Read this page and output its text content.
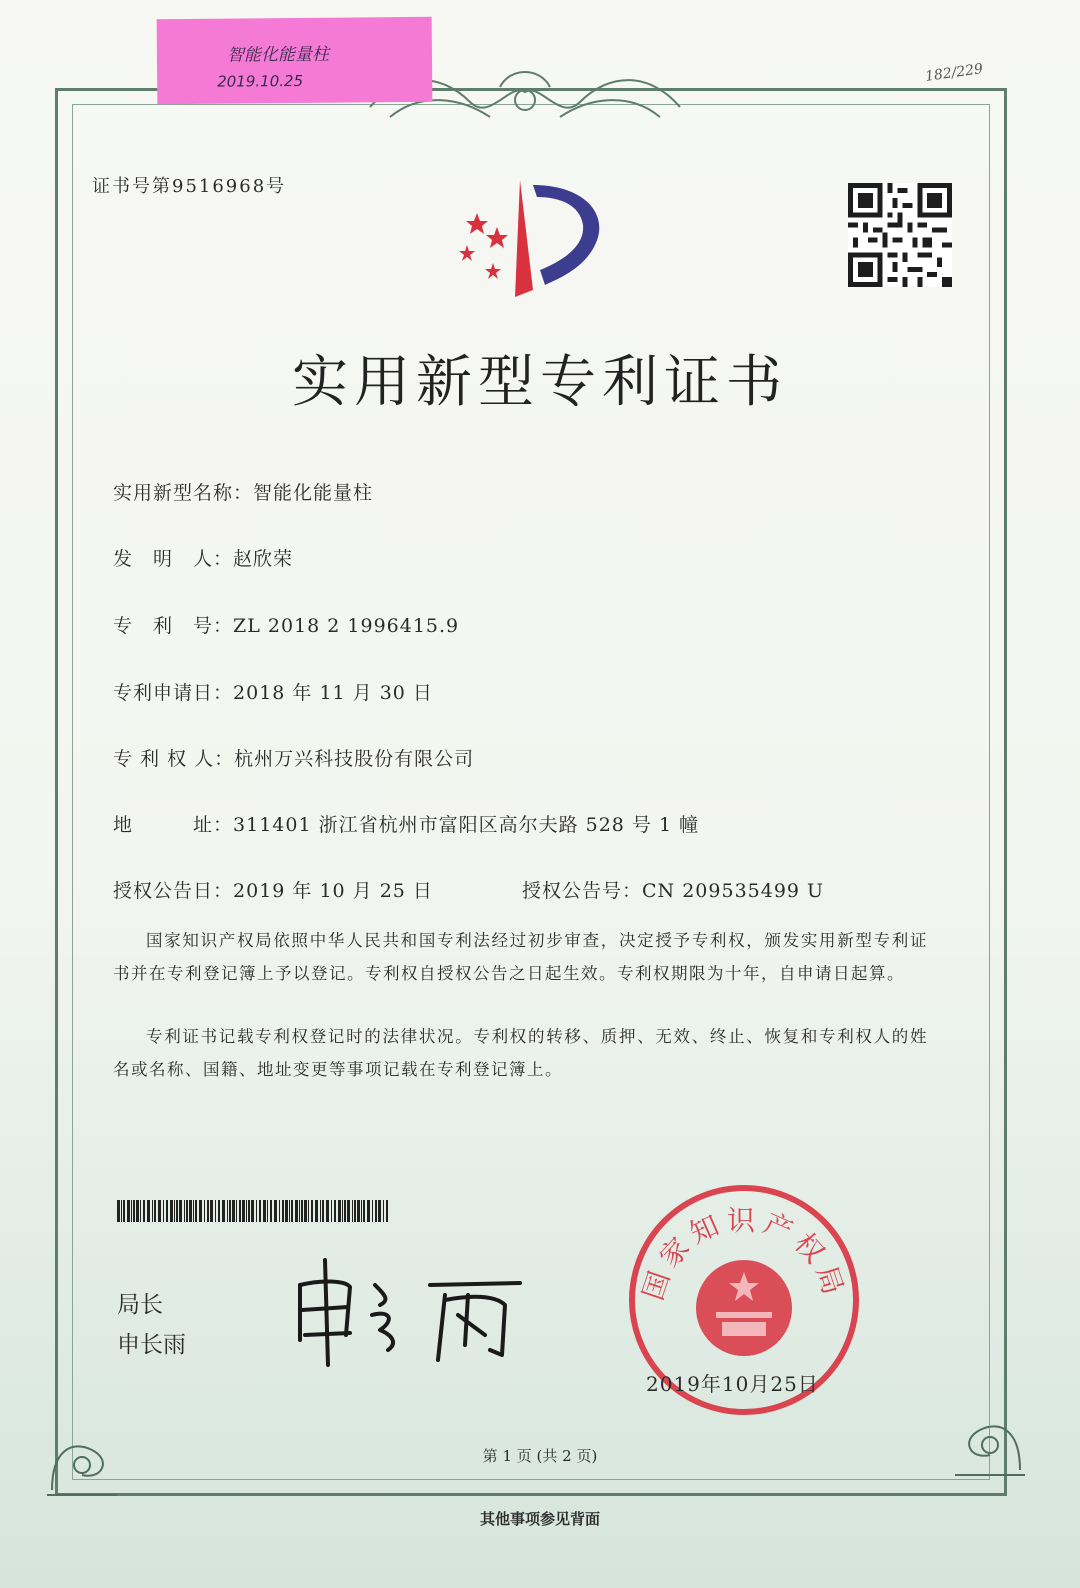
智能化能量柱
2019.10.25	182/229
证书号第9516968号
实用新型专利证书
实用新型名称：智能化能量柱
发　明　人：赵欣荣
专　利　号：ZL 2018 2 1996415.9
专利申请日：2018 年 11 月 30 日
专 利 权 人：杭州万兴科技股份有限公司
地　　　址：311401 浙江省杭州市富阳区高尔夫路 528 号 1 幢
授权公告日：2019 年 10 月 25 日	授权公告号：CN 209535499 U
国家知识产权局依照中华人民共和国专利法经过初步审查，决定授予专利权，颁发实用新型专利证书并在专利登记簿上予以登记。专利权自授权公告之日起生效。专利权期限为十年，自申请日起算。
专利证书记载专利权登记时的法律状况。专利权的转移、质押、无效、终止、恢复和专利权人的姓名或名称、国籍、地址变更等事项记载在专利登记簿上。
局长
申长雨
国家知识产权局
2019年10月25日
第 1 页 (共 2 页)
其他事项参见背面
